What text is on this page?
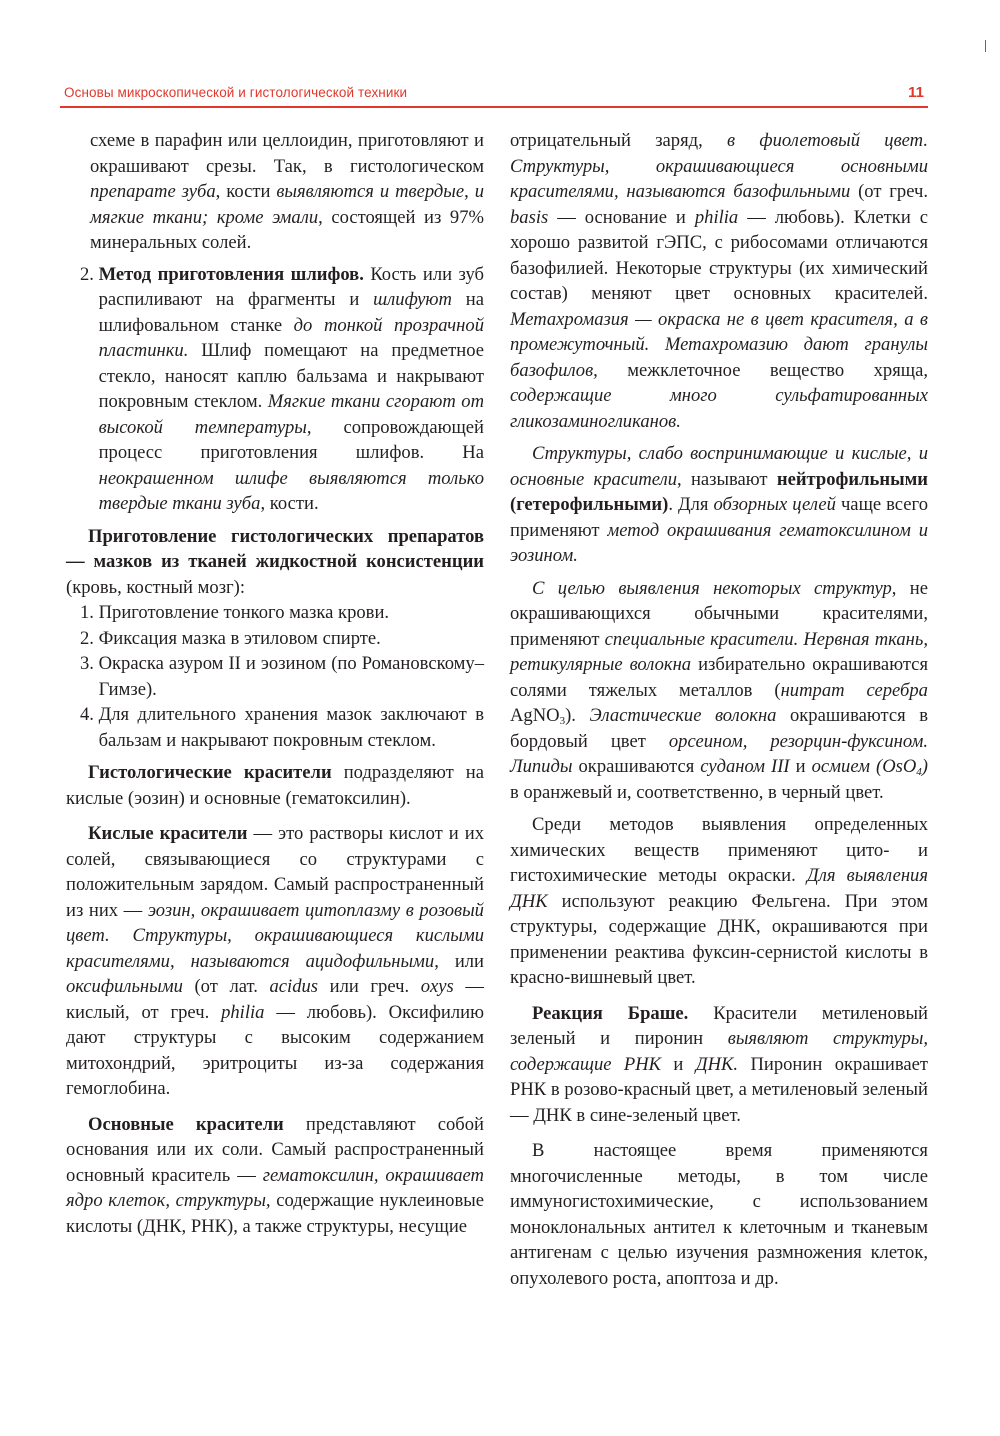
Основы микроскопической и гистологической техники	11

схеме в парафин или целлоидин, приготовляют и окрашивают срезы. Так, в гистологическом препарате зуба, кости выявляются и твердые, и мягкие ткани; кроме эмали, состоящей из 97% минеральных солей.

2. Метод приготовления шлифов. Кость или зуб распиливают на фрагменты и шлифуют на шлифовальном станке до тонкой прозрачной пластинки. Шлиф помещают на предметное стекло, наносят каплю бальзама и накрывают покровным стеклом. Мягкие ткани сгорают от высокой температуры, сопровождающей процесс приготовления шлифов. На неокрашенном шлифе выявляются только твердые ткани зуба, кости.

Приготовление гистологических препаратов — мазков из тканей жидкостной консистенции (кровь, костный мозг):

1. Приготовление тонкого мазка крови.
2. Фиксация мазка в этиловом спирте.
3. Окраска азуром II и эозином (по Романовскому–Гимзе).
4. Для длительного хранения мазок заключают в бальзам и накрывают покровным стеклом.

Гистологические красители подразделяют на кислые (эозин) и основные (гематоксилин).

Кислые красители — это растворы кислот и их солей, связывающиеся со структурами с положительным зарядом. Самый распространенный из них — эозин, окрашивает цитоплазму в розовый цвет. Структуры, окрашивающиеся кислыми красителями, называются ацидофильными, или оксифильными (от лат. acidus или греч. oxys — кислый, от греч. philia — любовь). Оксифилию дают структуры с высоким содержанием митохондрий, эритроциты из-за содержания гемоглобина.

Основные красители представляют собой основания или их соли. Самый распространенный основный краситель — гематоксилин, окрашивает ядро клеток, структуры, содержащие нуклеиновые кислоты (ДНК, РНК), а также структуры, несущие

отрицательный заряд, в фиолетовый цвет. Структуры, окрашивающиеся основными красителями, называются базофильными (от греч. basis — основание и philia — любовь). Клетки с хорошо развитой гЭПС, с рибосомами отличаются базофилией. Некоторые структуры (их химический состав) меняют цвет основных красителей. Метахромазия — окраска не в цвет красителя, а в промежуточный. Метахромазию дают гранулы базофилов, межклеточное вещество хряща, содержащие много сульфатированных гликозаминогликанов.

Структуры, слабо воспринимающие и кислые, и основные красители, называют нейтрофильными (гетерофильными). Для обзорных целей чаще всего применяют метод окрашивания гематоксилином и эозином.

С целью выявления некоторых структур, не окрашивающихся обычными красителями, применяют специальные красители. Нервная ткань, ретикулярные волокна избирательно окрашиваются солями тяжелых металлов (нитрат серебра AgNO$_3$). Эластические волокна окрашиваются в бордовый цвет орсеином, резорцин-фуксином. Липиды окрашиваются суданом III и осмием (OsO$_4$) в оранжевый и, соответственно, в черный цвет.

Среди методов выявления определенных химических веществ применяют цито- и гистохимические методы окраски. Для выявления ДНК используют реакцию Фельгена. При этом структуры, содержащие ДНК, окрашиваются при применении реактива фуксин-сернистой кислоты в красно-вишневый цвет.

Реакция Браше. Красители метиленовый зеленый и пиронин выявляют структуры, содержащие РНК и ДНК. Пиронин окрашивает РНК в розово-красный цвет, а метиленовый зеленый — ДНК в сине-зеленый цвет.

В настоящее время применяются многочисленные методы, в том числе иммуногистохимические, с использованием моноклональных антител к клеточным и тканевым антигенам с целью изучения размножения клеток, опухолевого роста, апоптоза и др.
